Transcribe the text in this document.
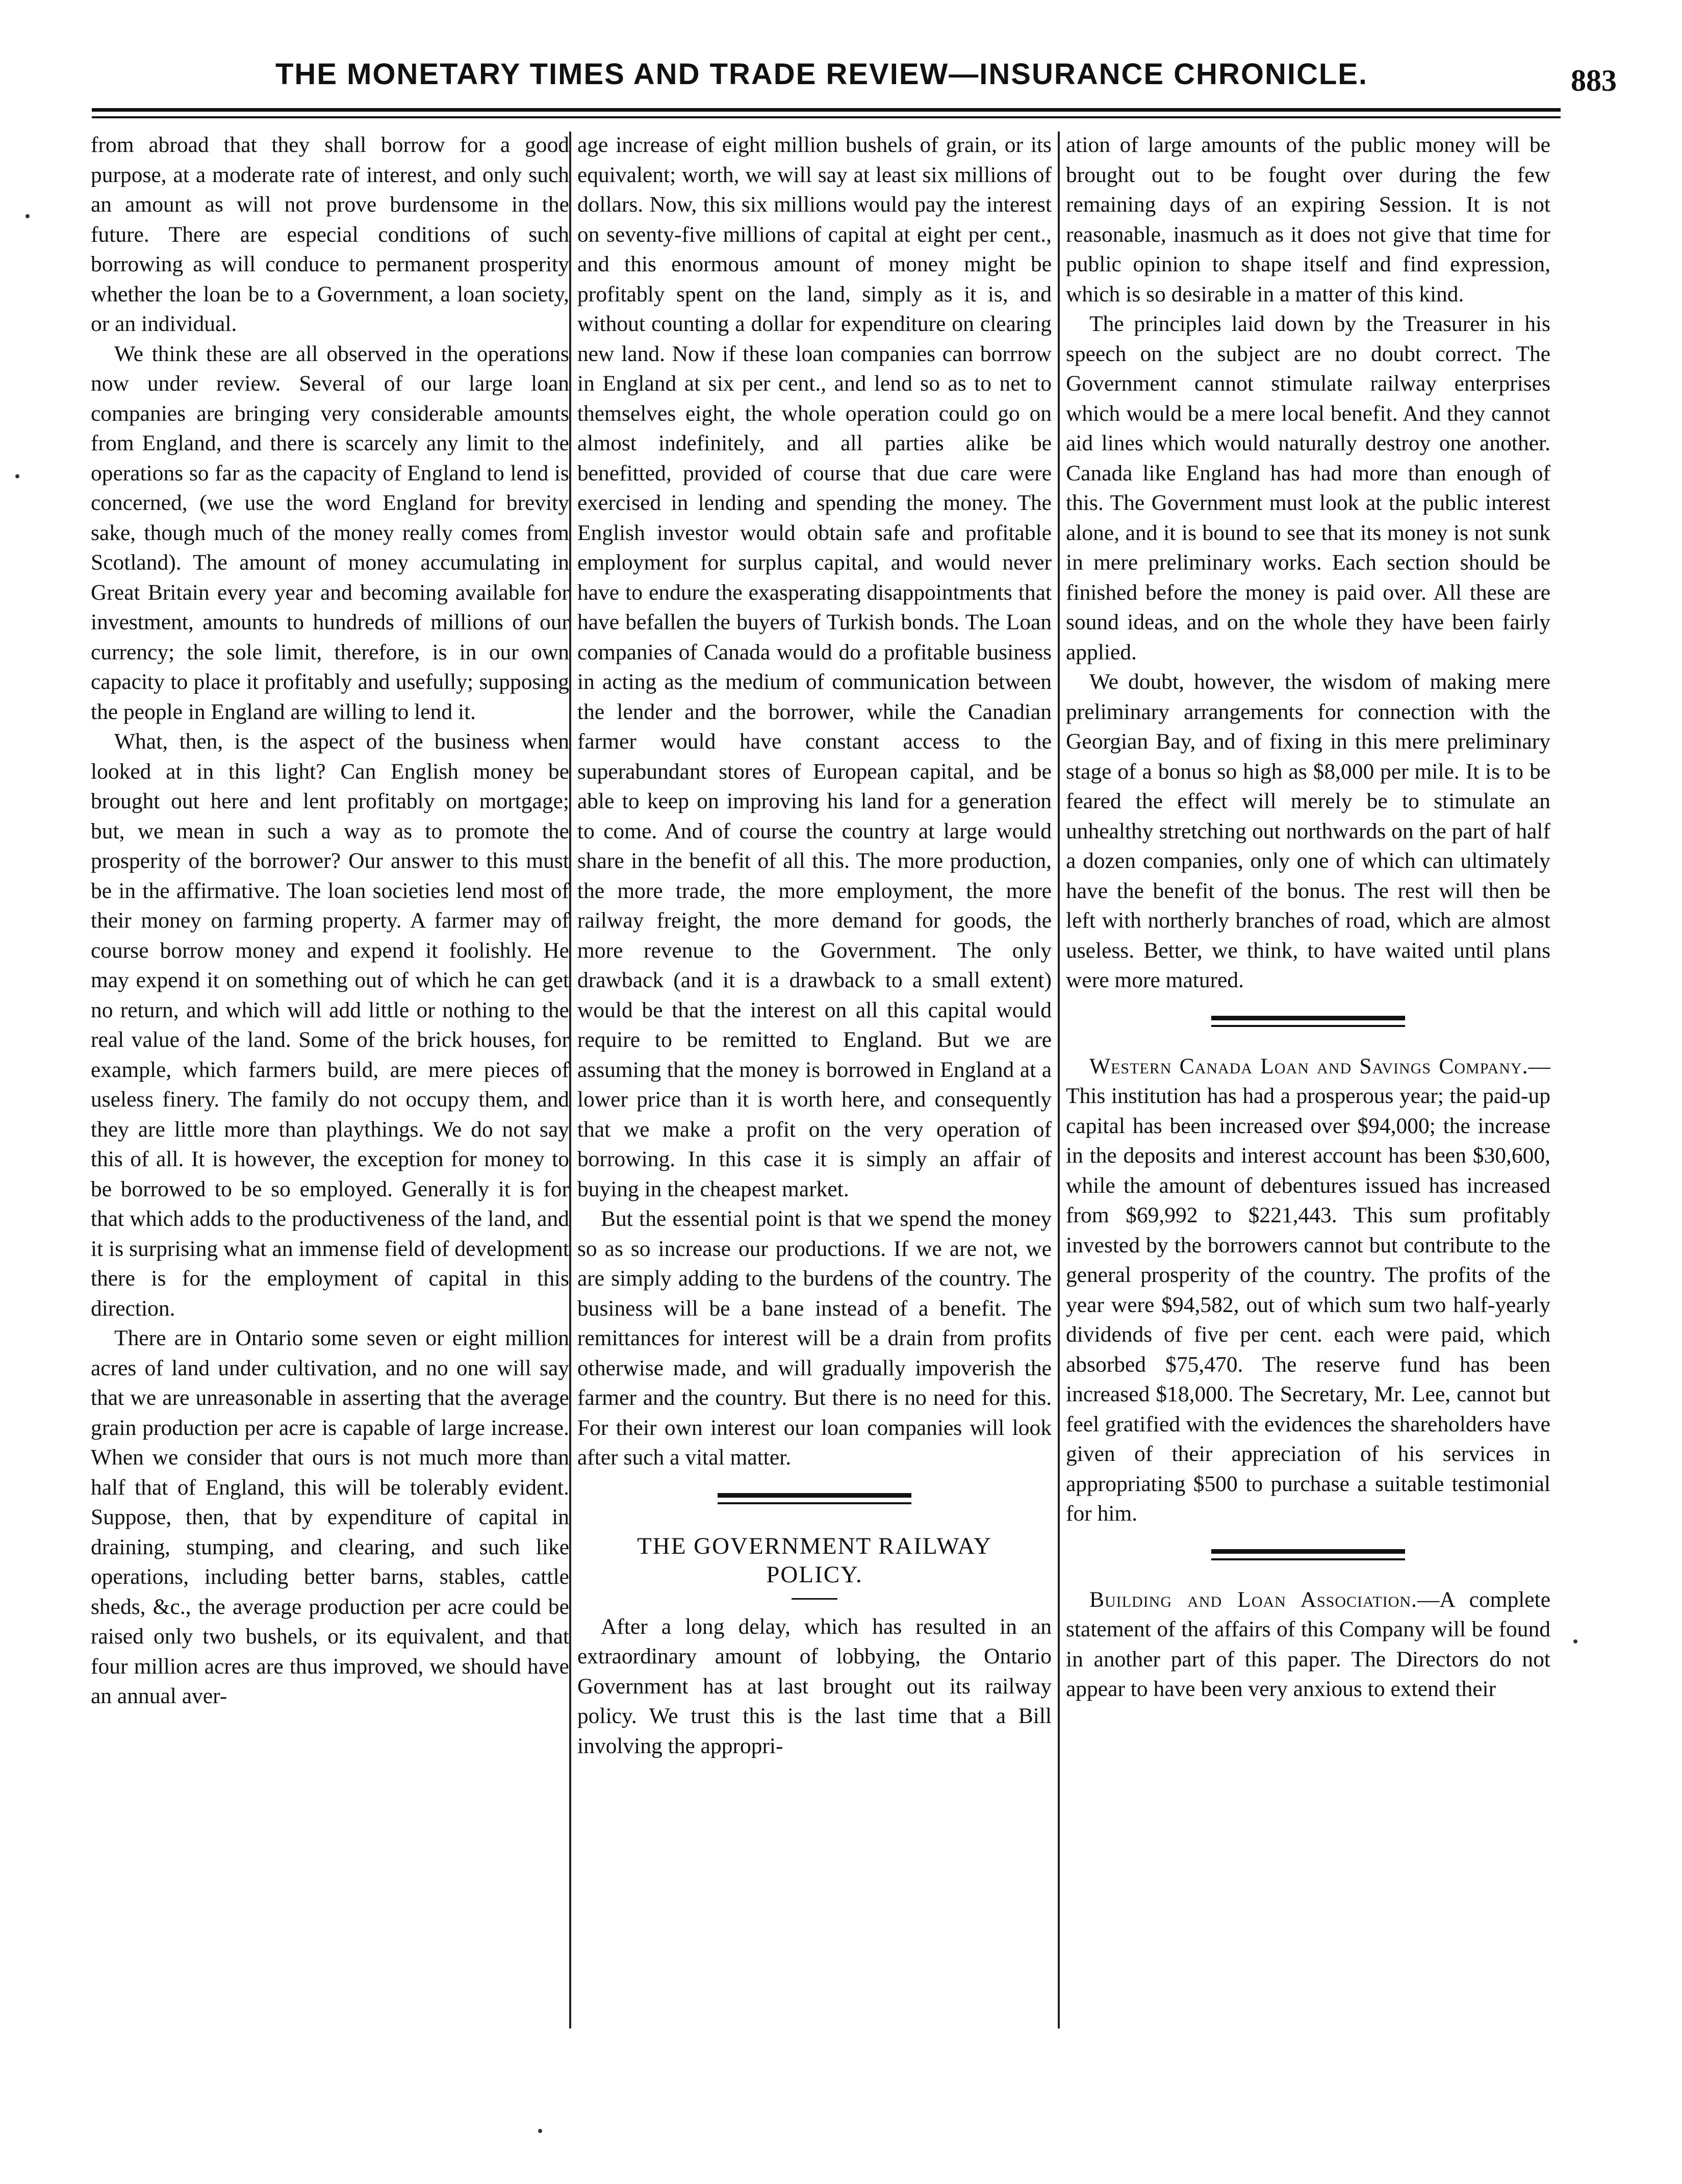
THE MONETARY TIMES AND TRADE REVIEW—INSURANCE CHRONICLE.	883

from abroad that they shall borrow for a good purpose, at a moderate rate of interest, and only such an amount as will not prove burdensome in the future. There are especial conditions of such borrowing as will conduce to permanent prosperity whether the loan be to a Government, a loan society, or an individual.

We think these are all observed in the operations now under review. Several of our large loan companies are bringing very considerable amounts from England, and there is scarcely any limit to the operations so far as the capacity of England to lend is concerned, (we use the word England for brevity sake, though much of the money really comes from Scotland). The amount of money accumulating in Great Britain every year and becoming available for investment, amounts to hundreds of millions of our currency; the sole limit, therefore, is in our own capacity to place it profitably and usefully; supposing the people in England are willing to lend it.

What, then, is the aspect of the business when looked at in this light? Can English money be brought out here and lent profitably on mortgage; but, we mean in such a way as to promote the prosperity of the borrower? Our answer to this must be in the affirmative. The loan societies lend most of their money on farming property. A farmer may of course borrow money and expend it foolishly. He may expend it on something out of which he can get no return, and which will add little or nothing to the real value of the land. Some of the brick houses, for example, which farmers build, are mere pieces of useless finery. The family do not occupy them, and they are little more than playthings. We do not say this of all. It is however, the exception for money to be borrowed to be so employed. Generally it is for that which adds to the productiveness of the land, and it is surprising what an immense field of development there is for the employment of capital in this direction.

There are in Ontario some seven or eight million acres of land under cultivation, and no one will say that we are unreasonable in asserting that the average grain production per acre is capable of large increase. When we consider that ours is not much more than half that of England, this will be tolerably evident. Suppose, then, that by expenditure of capital in draining, stumping, and clearing, and such like operations, including better barns, stables, cattle sheds, &c., the average production per acre could be raised only two bushels, or its equivalent, and that four million acres are thus improved, we should have an annual aver-

age increase of eight million bushels of grain, or its equivalent; worth, we will say at least six millions of dollars. Now, this six millions would pay the interest on seventy-five millions of capital at eight per cent., and this enormous amount of money might be profitably spent on the land, simply as it is, and without counting a dollar for expenditure on clearing new land. Now if these loan companies can borrrow in England at six per cent., and lend so as to net to themselves eight, the whole operation could go on almost indefinitely, and all parties alike be benefitted, provided of course that due care were exercised in lending and spending the money. The English investor would obtain safe and profitable employment for surplus capital, and would never have to endure the exasperating disappointments that have befallen the buyers of Turkish bonds. The Loan companies of Canada would do a profitable business in acting as the medium of communication between the lender and the borrower, while the Canadian farmer would have constant access to the superabundant stores of European capital, and be able to keep on improving his land for a generation to come. And of course the country at large would share in the benefit of all this. The more production, the more trade, the more employment, the more railway freight, the more demand for goods, the more revenue to the Government. The only drawback (and it is a drawback to a small extent) would be that the interest on all this capital would require to be remitted to England. But we are assuming that the money is borrowed in England at a lower price than it is worth here, and consequently that we make a profit on the very operation of borrowing. In this case it is simply an affair of buying in the cheapest market.

But the essential point is that we spend the money so as so increase our productions. If we are not, we are simply adding to the burdens of the country. The business will be a bane instead of a benefit. The remittances for interest will be a drain from profits otherwise made, and will gradually impoverish the farmer and the country. But there is no need for this. For their own interest our loan companies will look after such a vital matter.

THE GOVERNMENT RAILWAY
POLICY.

After a long delay, which has resulted in an extraordinary amount of lobbying, the Ontario Government has at last brought out its railway policy. We trust this is the last time that a Bill involving the appropri-

ation of large amounts of the public money will be brought out to be fought over during the few remaining days of an expiring Session. It is not reasonable, inasmuch as it does not give that time for public opinion to shape itself and find expression, which is so desirable in a matter of this kind.

The principles laid down by the Treasurer in his speech on the subject are no doubt correct. The Government cannot stimulate railway enterprises which would be a mere local benefit. And they cannot aid lines which would naturally destroy one another. Canada like England has had more than enough of this. The Government must look at the public interest alone, and it is bound to see that its money is not sunk in mere preliminary works. Each section should be finished before the money is paid over. All these are sound ideas, and on the whole they have been fairly applied.

We doubt, however, the wisdom of making mere preliminary arrangements for connection with the Georgian Bay, and of fixing in this mere preliminary stage of a bonus so high as $8,000 per mile. It is to be feared the effect will merely be to stimulate an unhealthy stretching out northwards on the part of half a dozen companies, only one of which can ultimately have the benefit of the bonus. The rest will then be left with northerly branches of road, which are almost useless. Better, we think, to have waited until plans were more matured.

Western Canada Loan and Savings Company.—This institution has had a prosperous year; the paid-up capital has been increased over $94,000; the increase in the deposits and interest account has been $30,600, while the amount of debentures issued has increased from $69,992 to $221,443. This sum profitably invested by the borrowers cannot but contribute to the general prosperity of the country. The profits of the year were $94,582, out of which sum two half-yearly dividends of five per cent. each were paid, which absorbed $75,470. The reserve fund has been increased $18,000. The Secretary, Mr. Lee, cannot but feel gratified with the evidences the shareholders have given of their appreciation of his services in appropriating $500 to purchase a suitable testimonial for him.

Building and Loan Association.—A complete statement of the affairs of this Company will be found in another part of this paper. The Directors do not appear to have been very anxious to extend their
